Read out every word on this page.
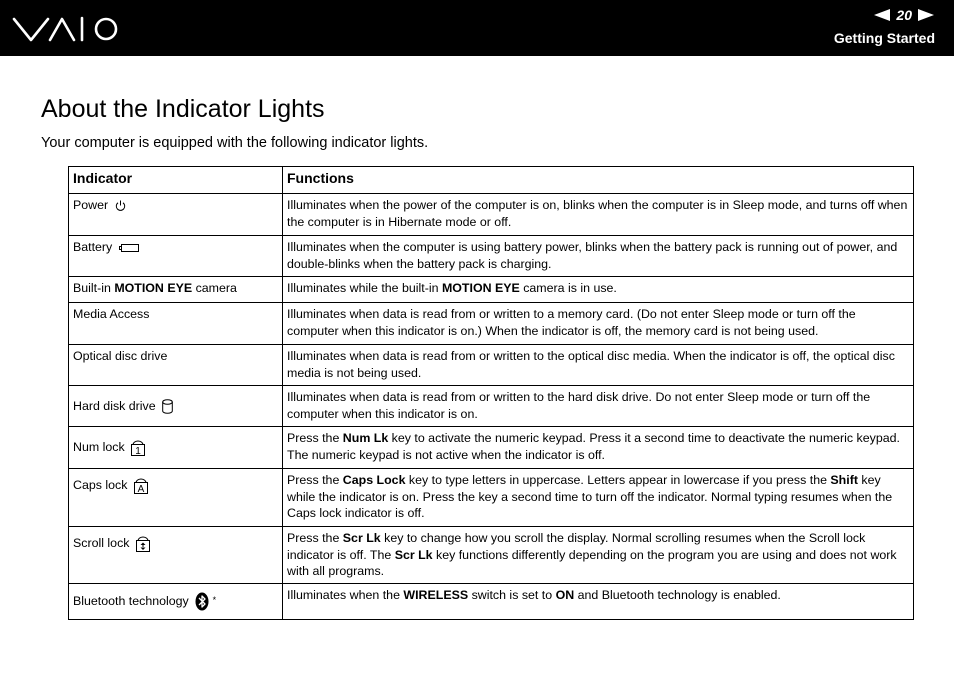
20
Getting Started
About the Indicator Lights

Your computer is equipped with the following indicator lights.

Indicator	Functions
Power	Illuminates when the power of the computer is on, blinks when the computer is in Sleep mode, and turns off when the computer is in Hibernate mode or off.
Battery	Illuminates when the computer is using battery power, blinks when the battery pack is running out of power, and double-blinks when the battery pack is charging.
Built-in MOTION EYE camera	Illuminates while the built-in MOTION EYE camera is in use.
Media Access	Illuminates when data is read from or written to a memory card. (Do not enter Sleep mode or turn off the computer when this indicator is on.) When the indicator is off, the memory card is not being used.
Optical disc drive	Illuminates when data is read from or written to the optical disc media. When the indicator is off, the optical disc media is not being used.
Hard disk drive	Illuminates when data is read from or written to the hard disk drive. Do not enter Sleep mode or turn off the computer when this indicator is on.
Num lock 1	Press the Num Lk key to activate the numeric keypad. Press it a second time to deactivate the numeric keypad. The numeric keypad is not active when the indicator is off.
Caps lock A	Press the Caps Lock key to type letters in uppercase. Letters appear in lowercase if you press the Shift key while the indicator is on. Press the key a second time to turn off the indicator. Normal typing resumes when the Caps lock indicator is off.
Scroll lock	Press the Scr Lk key to change how you scroll the display. Normal scrolling resumes when the Scroll lock indicator is off. The Scr Lk key functions differently depending on the program you are using and does not work with all programs.
Bluetooth technology *	Illuminates when the WIRELESS switch is set to ON and Bluetooth technology is enabled.
